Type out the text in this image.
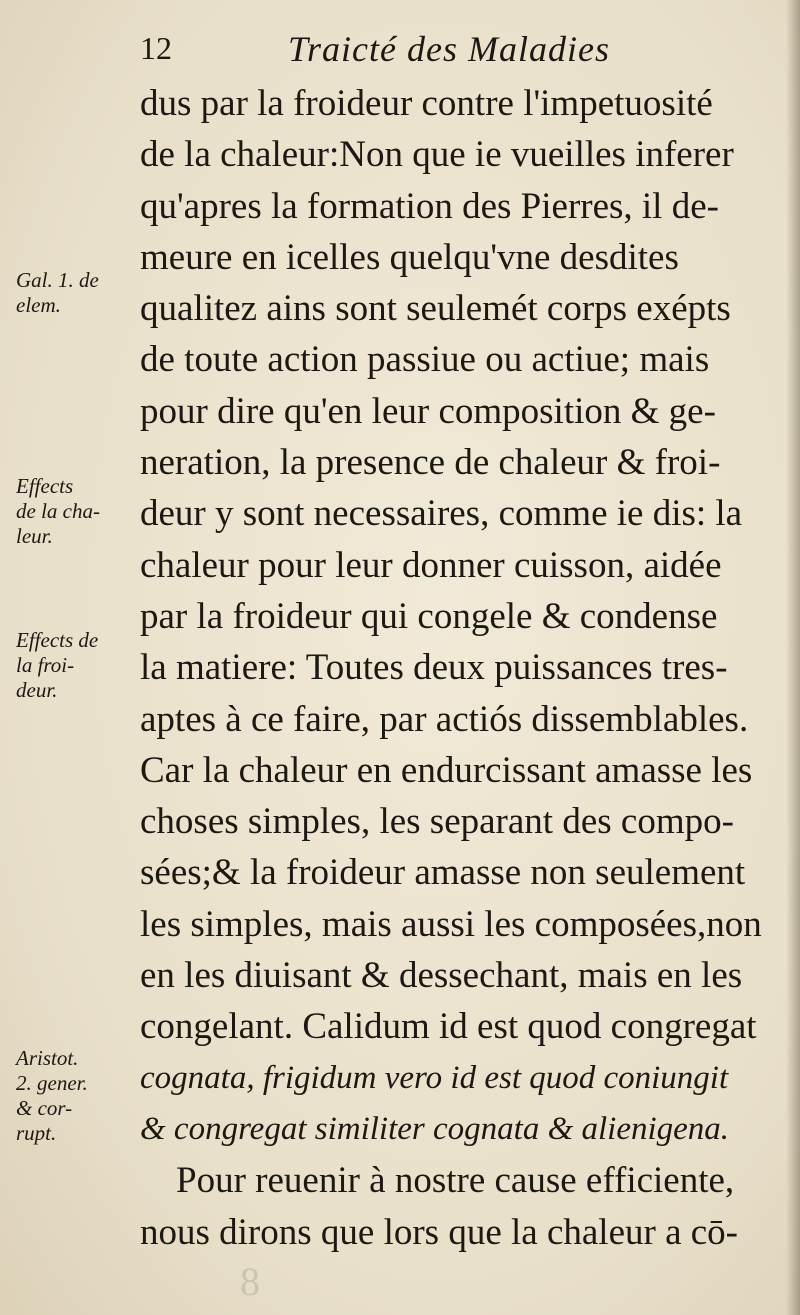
12	Traicté des Maladies
dus par la froideur contre l'impetuosité
de la chaleur:Non que ie vueilles inferer
qu'apres la formation des Pierres, il de-
meure en icelles quelqu'vne desdites
qualitez ains sont seulemét corps exépts
de toute action passiue ou actiue; mais
pour dire qu'en leur composition & ge-
neration, la presence de chaleur & froi-
deur y sont necessaires, comme ie dis: la
chaleur pour leur donner cuisson, aidée
par la froideur qui congele & condense
la matiere: Toutes deux puissances tres-
aptes à ce faire, par actiós dissemblables.
Car la chaleur en endurcissant amasse les
choses simples, les separant des compo-
sées;& la froideur amasse non seulement
les simples, mais aussi les composées,non
en les diuisant & dessechant, mais en les
congelant. Calidum id est quod congregat
cognata, frigidum vero id est quod coniungit
& congregat similiter cognata & alienigena.
Pour reuenir à nostre cause efficiente,
nous dirons que lors que la chaleur a cō-
Gal. 1. de
elem.
Effects
de la cha-
leur.
Effects de
la froi-
deur.
Aristot.
2. gener.
& cor-
rupt.
8
